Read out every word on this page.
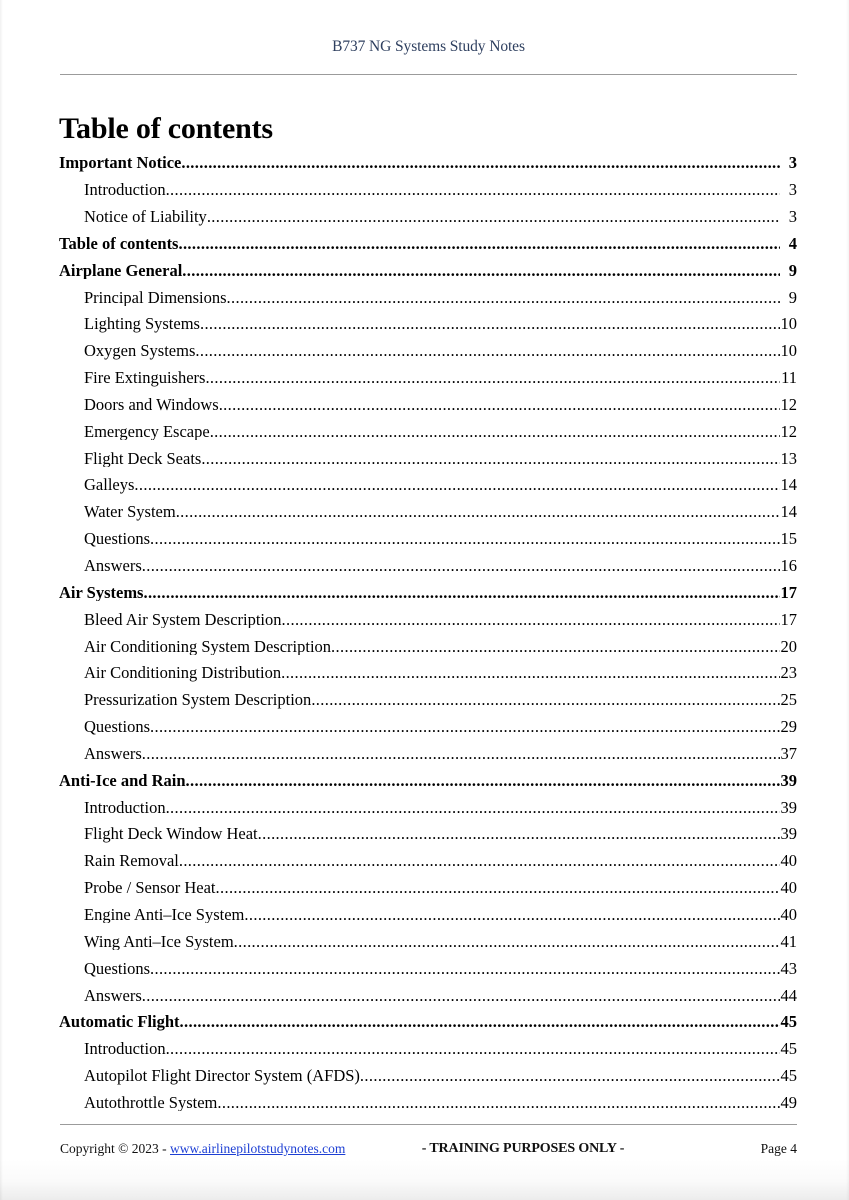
B737 NG Systems Study Notes
Table of contents
Important Notice .....	3
Introduction .....	3
Notice of Liability .....	3
Table of contents .....	4
Airplane General .....	9
Principal Dimensions .....	9
Lighting Systems .....	10
Oxygen Systems .....	10
Fire Extinguishers .....	11
Doors and Windows .....	12
Emergency Escape .....	12
Flight Deck Seats .....	13
Galleys .....	14
Water System .....	14
Questions .....	15
Answers .....	16
Air Systems .....	17
Bleed Air System Description .....	17
Air Conditioning System Description .....	20
Air Conditioning Distribution .....	23
Pressurization System Description .....	25
Questions .....	29
Answers .....	37
Anti-Ice and Rain .....	39
Introduction .....	39
Flight Deck Window Heat .....	39
Rain Removal .....	40
Probe / Sensor Heat .....	40
Engine Anti–Ice System .....	40
Wing Anti–Ice System .....	41
Questions .....	43
Answers .....	44
Automatic Flight .....	45
Introduction .....	45
Autopilot Flight Director System (AFDS) .....	45
Autothrottle System .....	49
Copyright © 2023 - www.airlinepilotstudynotes.com	- TRAINING PURPOSES ONLY -	Page 4
